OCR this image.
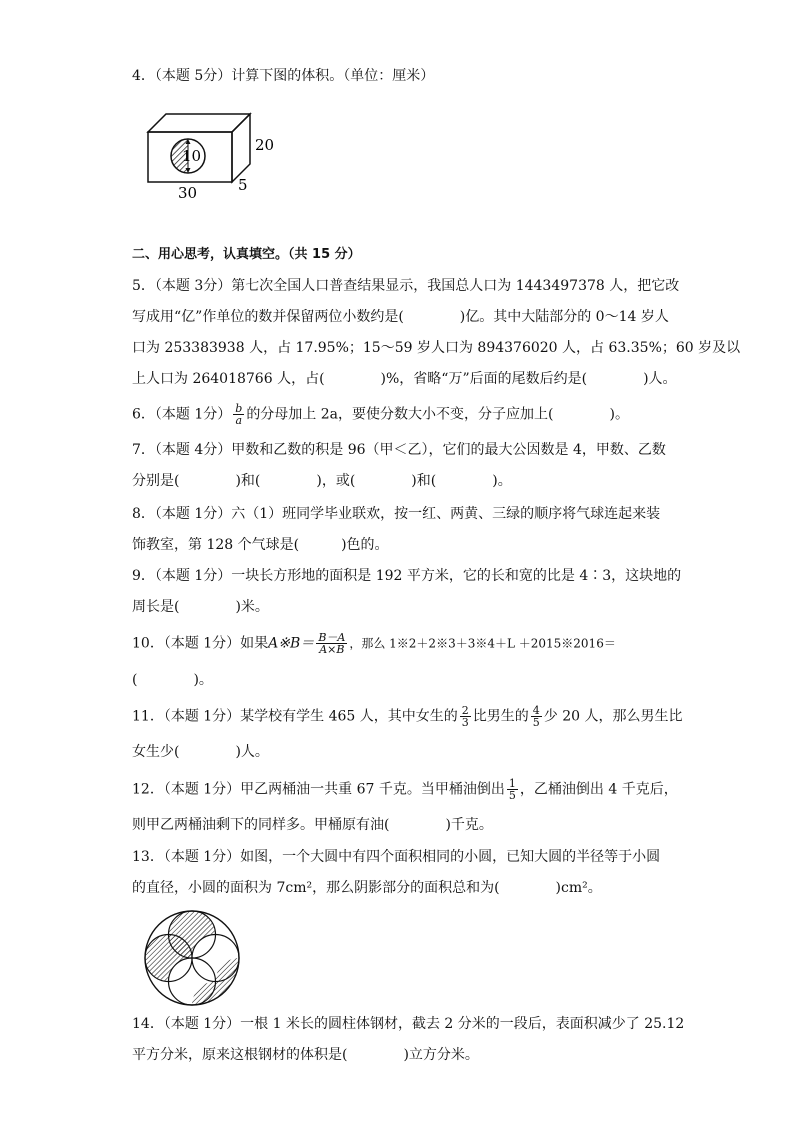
4．（本题 5分）计算下图的体积。（单位：厘米）
10
20
30	5
二、用心思考，认真填空。（共 15 分）
5．（本题 3分）第七次全国人口普查结果显示，我国总人口为 1443497378 人，把它改
写成用“亿”作单位的数并保留两位小数约是(　　　　)亿。其中大陆部分的 0～14 岁人
口为 253383938 人，占 17.95%；15～59 岁人口为 894376020 人，占 63.35%；60 岁及以
上人口为 264018766 人，占(　　　　)%，省略“万”后面的尾数后约是(　　　　)人。
6．（本题 1分） $\frac{b}{a}$ 的分母加上 2a，要使分数大小不变，分子应加上(　　　　)。
7．（本题 4分）甲数和乙数的积是 96（甲＜乙），它们的最大公因数是 4，甲数、乙数
分别是(　　　　)和(　　　　)，或(　　　　)和(　　　　)。
8．（本题 1分）六（1）班同学毕业联欢，按一红、两黄、三绿的顺序将气球连起来装
饰教室，第 128 个气球是(　　　)色的。
9．（本题 1分）一块长方形地的面积是 192 平方米，它的长和宽的比是 4∶3，这块地的
周长是(　　　　)米。
10．（本题 1分）如果A※B＝ $\frac{B-A}{A\times B}$ ，那么 1※2＋2※3＋3※4＋L ＋2015※2016＝
(　　　　)。
11．（本题 1分）某学校有学生 465 人，其中女生的 $\frac{2}{3}$ 比男生的 $\frac{4}{5}$ 少 20 人，那么男生比
女生少(　　　　)人。
12．（本题 1分）甲乙两桶油一共重 67 千克。当甲桶油倒出 $\frac{1}{5}$ ，乙桶油倒出 4 千克后，
则甲乙两桶油剩下的同样多。甲桶原有油(　　　　)千克。
13．（本题 1分）如图，一个大圆中有四个面积相同的小圆，已知大圆的半径等于小圆
的直径，小圆的面积为 7cm²，那么阴影部分的面积总和为(　　　　)cm²。
14．（本题 1分）一根 1 米长的圆柱体钢材，截去 2 分米的一段后，表面积减少了 25.12
平方分米，原来这根钢材的体积是(　　　　)立方分米。
